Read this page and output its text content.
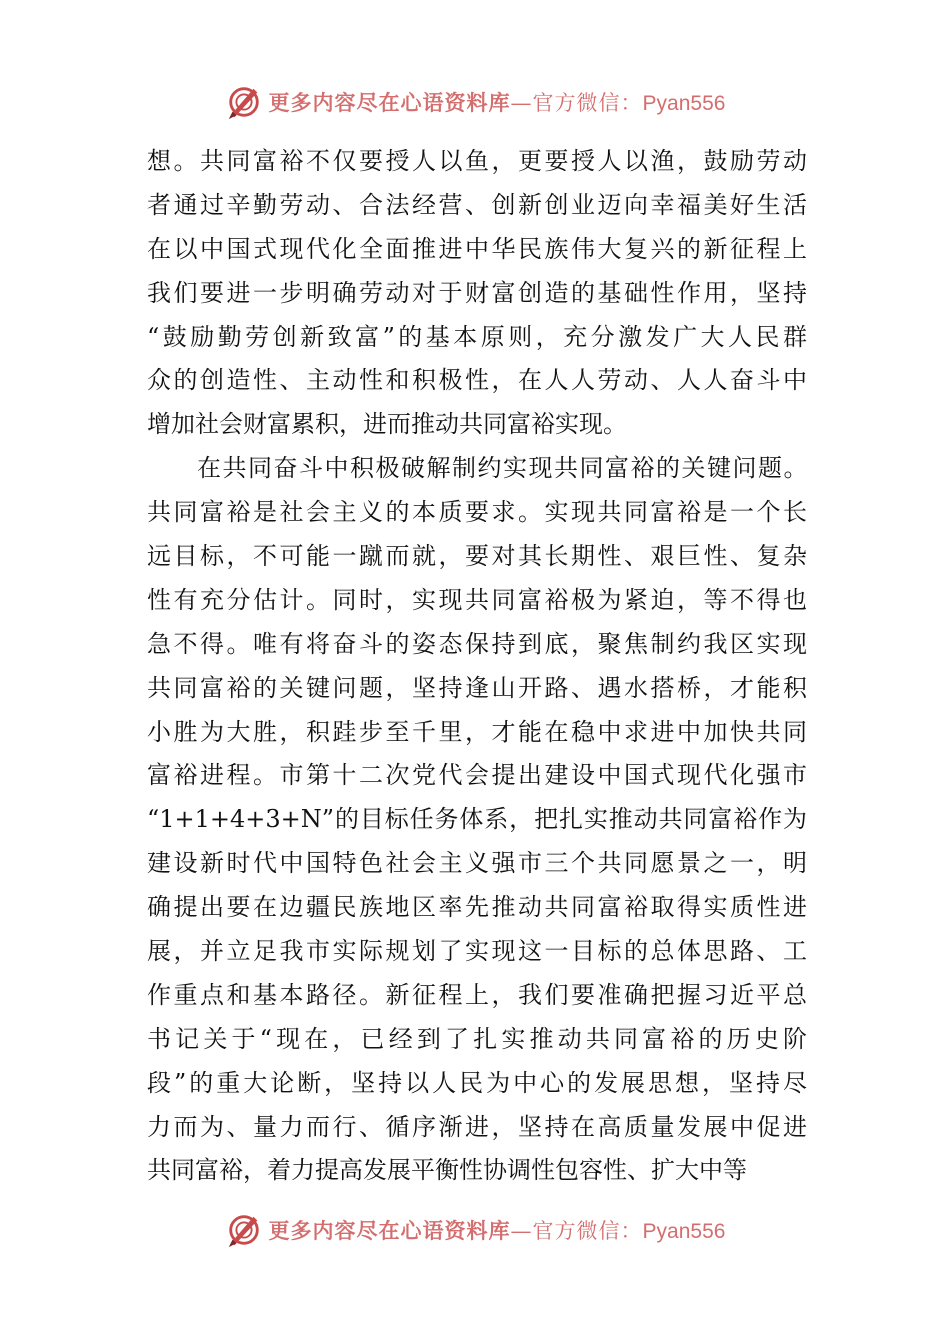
更多内容尽在心语资料库—官方微信：Pyan556
想。共同富裕不仅要授人以鱼，更要授人以渔，鼓励劳动
者通过辛勤劳动、合法经营、创新创业迈向幸福美好生活
在以中国式现代化全面推进中华民族伟大复兴的新征程上
我们要进一步明确劳动对于财富创造的基础性作用，坚持
“鼓励勤劳创新致富”的基本原则，充分激发广大人民群
众的创造性、主动性和积极性，在人人劳动、人人奋斗中
增加社会财富累积，进而推动共同富裕实现。
在共同奋斗中积极破解制约实现共同富裕的关键问题。
共同富裕是社会主义的本质要求。实现共同富裕是一个长
远目标，不可能一蹴而就，要对其长期性、艰巨性、复杂
性有充分估计。同时，实现共同富裕极为紧迫，等不得也
急不得。唯有将奋斗的姿态保持到底，聚焦制约我区实现
共同富裕的关键问题，坚持逢山开路、遇水搭桥，才能积
小胜为大胜，积跬步至千里，才能在稳中求进中加快共同
富裕进程。市第十二次党代会提出建设中国式现代化强市
“1+1+4+3+N”的目标任务体系，把扎实推动共同富裕作为
建设新时代中国特色社会主义强市三个共同愿景之一，明
确提出要在边疆民族地区率先推动共同富裕取得实质性进
展，并立足我市实际规划了实现这一目标的总体思路、工
作重点和基本路径。新征程上，我们要准确把握习近平总
书记关于“现在，已经到了扎实推动共同富裕的历史阶
段”的重大论断，坚持以人民为中心的发展思想，坚持尽
力而为、量力而行、循序渐进，坚持在高质量发展中促进
共同富裕，着力提高发展平衡性协调性包容性、扩大中等
更多内容尽在心语资料库—官方微信：Pyan556
